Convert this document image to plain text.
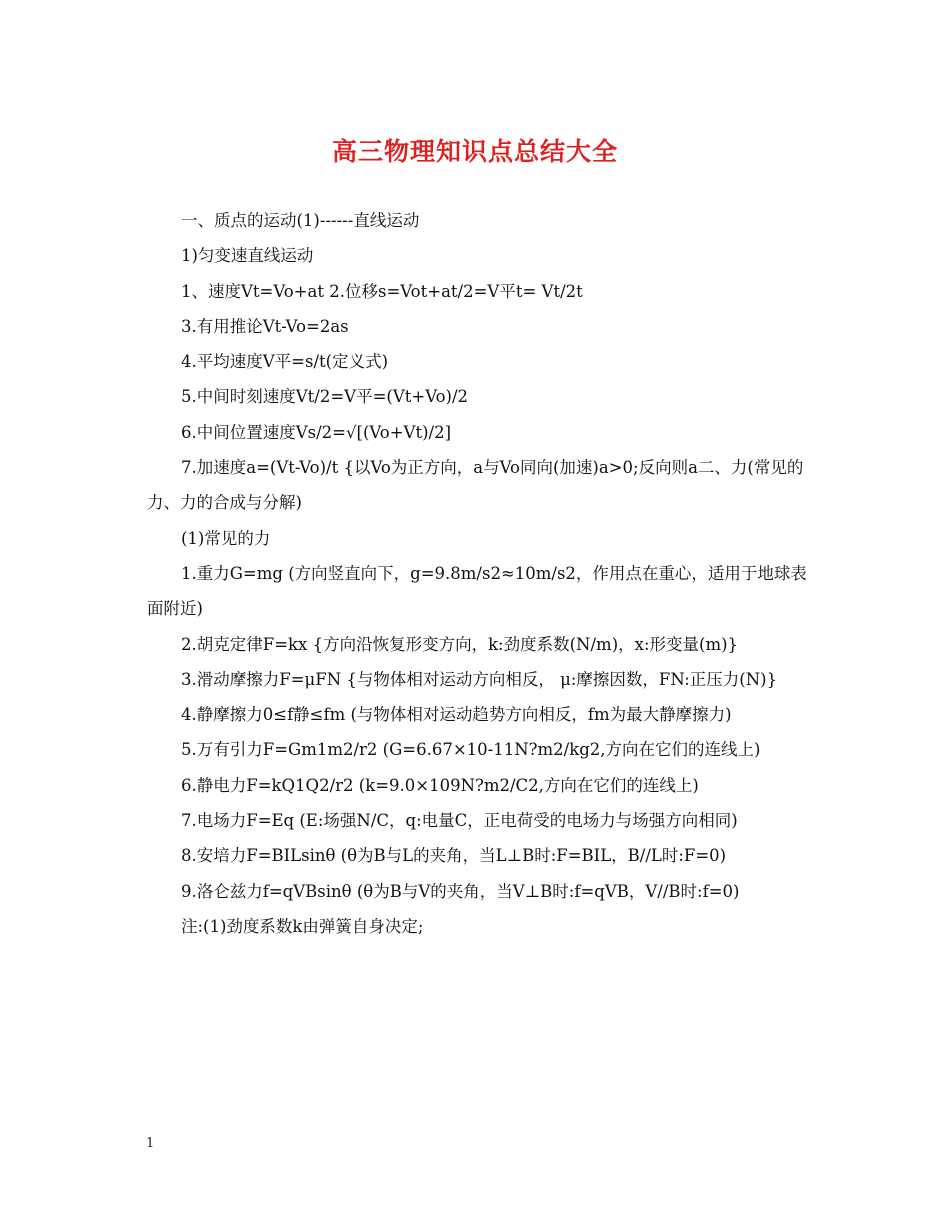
高三物理知识点总结大全

一、质点的运动(1)------直线运动

1)匀变速直线运动

1、速度Vt=Vo+at 2.位移s=Vot+at/2=V平t= Vt/2t

3.有用推论Vt-Vo=2as

4.平均速度V平=s/t(定义式)

5.中间时刻速度Vt/2=V平=(Vt+Vo)/2

6.中间位置速度Vs/2=√[(Vo+Vt)/2]

7.加速度a=(Vt-Vo)/t {以Vo为正方向，a与Vo同向(加速)a>0;反向则a二、力(常见的力、力的合成与分解)

(1)常见的力

1.重力G=mg (方向竖直向下，g=9.8m/s2≈10m/s2，作用点在重心，适用于地球表面附近)

2.胡克定律F=kx {方向沿恢复形变方向，k:劲度系数(N/m)，x:形变量(m)}

3.滑动摩擦力F=μFN {与物体相对运动方向相反， μ:摩擦因数，FN:正压力(N)}

4.静摩擦力0≤f静≤fm (与物体相对运动趋势方向相反，fm为最大静摩擦力)

5.万有引力F=Gm1m2/r2 (G=6.67×10-11N?m2/kg2,方向在它们的连线上)

6.静电力F=kQ1Q2/r2 (k=9.0×109N?m2/C2,方向在它们的连线上)

7.电场力F=Eq (E:场强N/C，q:电量C，正电荷受的电场力与场强方向相同)

8.安培力F=BILsinθ (θ为B与L的夹角，当L⊥B时:F=BIL，B//L时:F=0)

9.洛仑兹力f=qVBsinθ (θ为B与V的夹角，当V⊥B时:f=qVB，V//B时:f=0)

注:(1)劲度系数k由弹簧自身决定;

1
